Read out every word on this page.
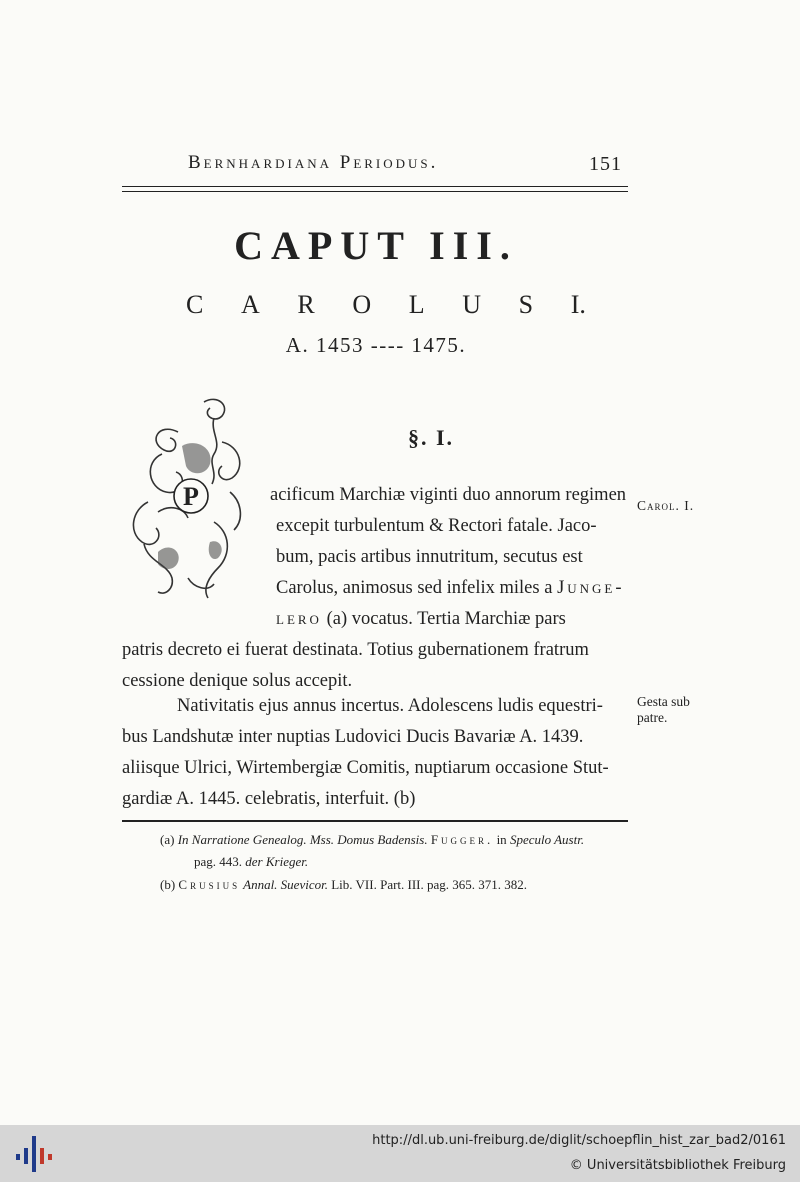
Bernhardiana Periodus.	151
CAPUT III.
C A R O L U S I.
A. 1453 ---- 1475.
§. I.
P	acificum Marchiæ viginti duo annorum regimen
excepit turbulentum & Rectori fatale. Jaco-
bum, pacis artibus innutritum, secutus est
Carolus, animosus sed infelix miles a Junge-
lero (a) vocatus. Tertia Marchiæ pars
patris decreto ei fuerat destinata. Totius gubernationem fratrum
cessione denique solus accepit.
Nativitatis ejus annus incertus. Adolescens ludis equestri-
bus Landshutæ inter nuptias Ludovici Ducis Bavariæ A. 1439.
aliisque Ulrici, Wirtembergiæ Comitis, nuptiarum occasione Stut-
gardiæ A. 1445. celebratis, interfuit. (b)
Carol. I.
Gesta sub
patre.
(a) In Narratione Genealog. Mss. Domus Badensis. Fugger. in Speculo Austr.
pag. 443. der Krieger.
(b) Crusius Annal. Suevicor. Lib. VII. Part. III. pag. 365. 371. 382.
http://dl.ub.uni-freiburg.de/diglit/schoepflin_hist_zar_bad2/0161
© Universitätsbibliothek Freiburg
